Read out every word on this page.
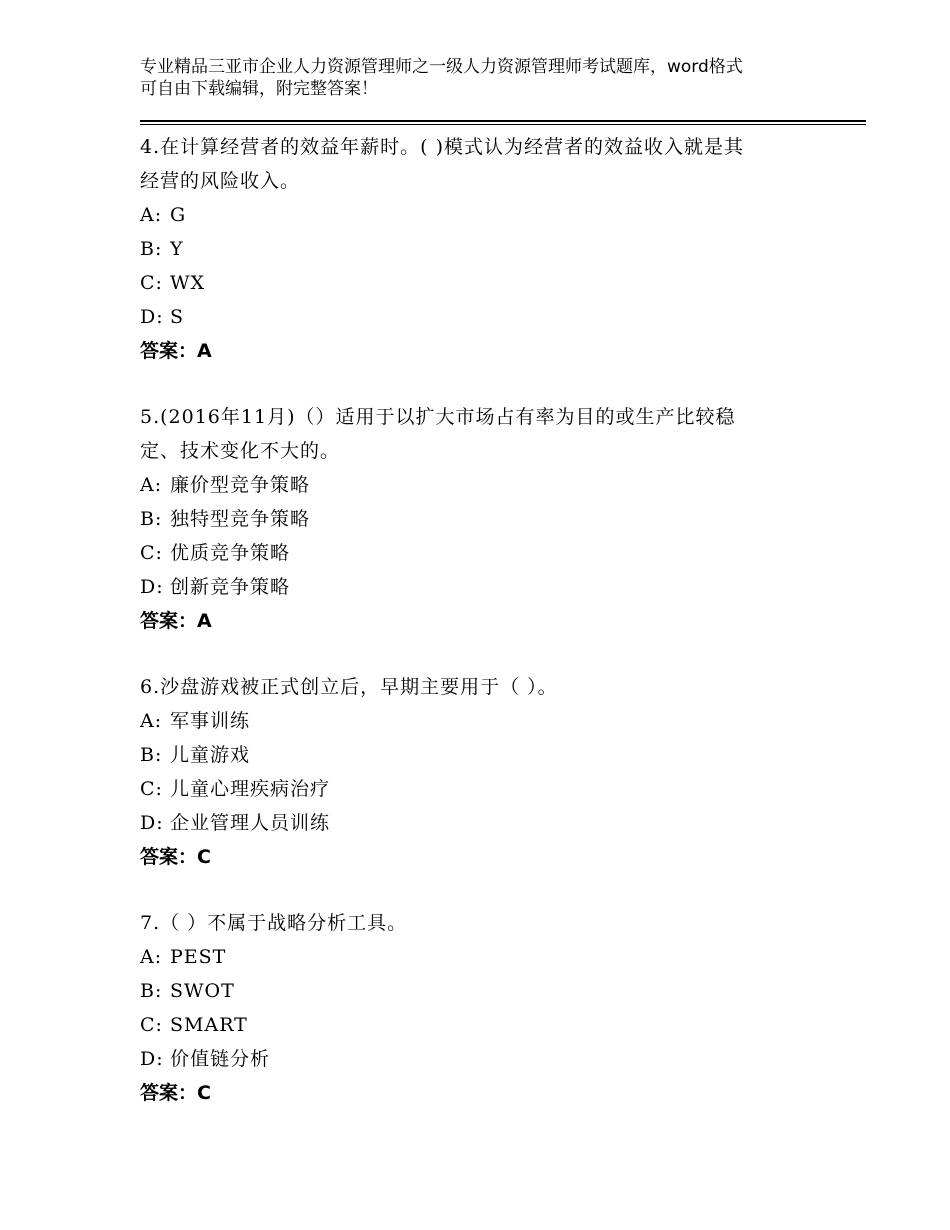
专业精品三亚市企业人力资源管理师之一级人力资源管理师考试题库，word格式
可自由下载编辑，附完整答案！

4.在计算经营者的效益年薪时。( )模式认为经营者的效益收入就是其
经营的风险收入。

A: G

B: Y

C: WX

D: S

答案：A

5.(2016年11月)（）适用于以扩大市场占有率为目的或生产比较稳
定、技术变化不大的。

A: 廉价型竞争策略

B: 独特型竞争策略

C: 优质竞争策略

D: 创新竞争策略

答案：A

6.沙盘游戏被正式创立后，早期主要用于（ ）。

A: 军事训练

B: 儿童游戏

C: 儿童心理疾病治疗

D: 企业管理人员训练

答案：C

7.（ ）不属于战略分析工具。

A: PEST

B: SWOT

C: SMART

D: 价值链分析

答案：C
